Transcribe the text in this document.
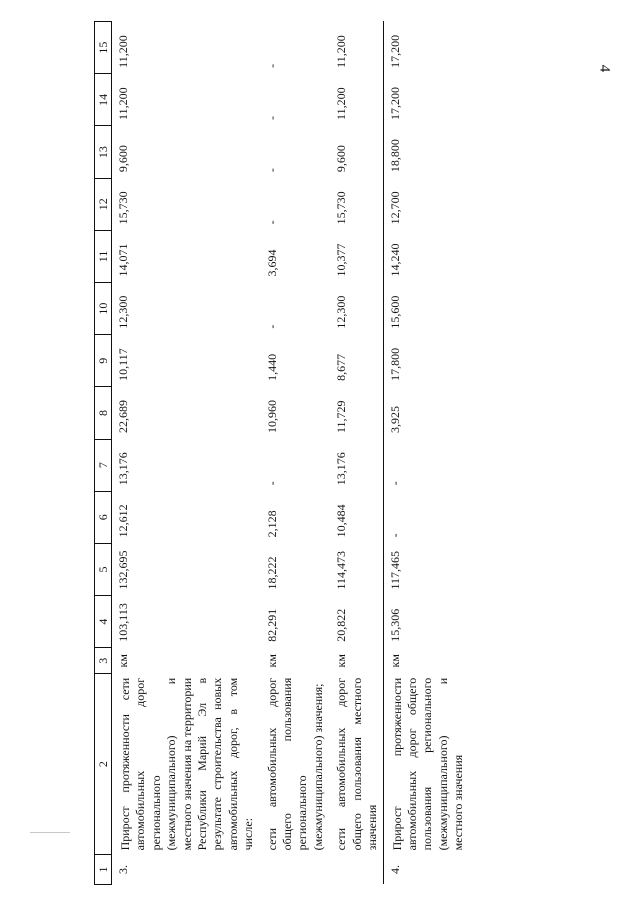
4
1	2	3	4	5	6	7	8	9	10	11	12	13	14	15
3.	Прирост протяженности сети автомобильных дорог регионального (межмуниципального) и местного значения на территории Республики Марий Эл в результате строительства новых автомобильных дорог, в том числе:	км	103,113	132,695	12,612	13,176	22,689	10,117	12,300	14,071	15,730	9,600	11,200	11,200
	сети автомобильных дорог общего пользования регионального (межмуниципального) значения;	км	82,291	18,222	2,128	-	10,960	1,440	-	3,694	-	-	-	-
	сети автомобильных дорог общего пользования местного значения	км	20,822	114,473	10,484	13,176	11,729	8,677	12,300	10,377	15,730	9,600	11,200	11,200
4.	Прирост протяженности автомобильных дорог общего пользования регионального (межмуниципального) и местного значения	км	15,306	117,465	-	-	3,925	17,800	15,600	14,240	12,700	18,800	17,200	17,200
